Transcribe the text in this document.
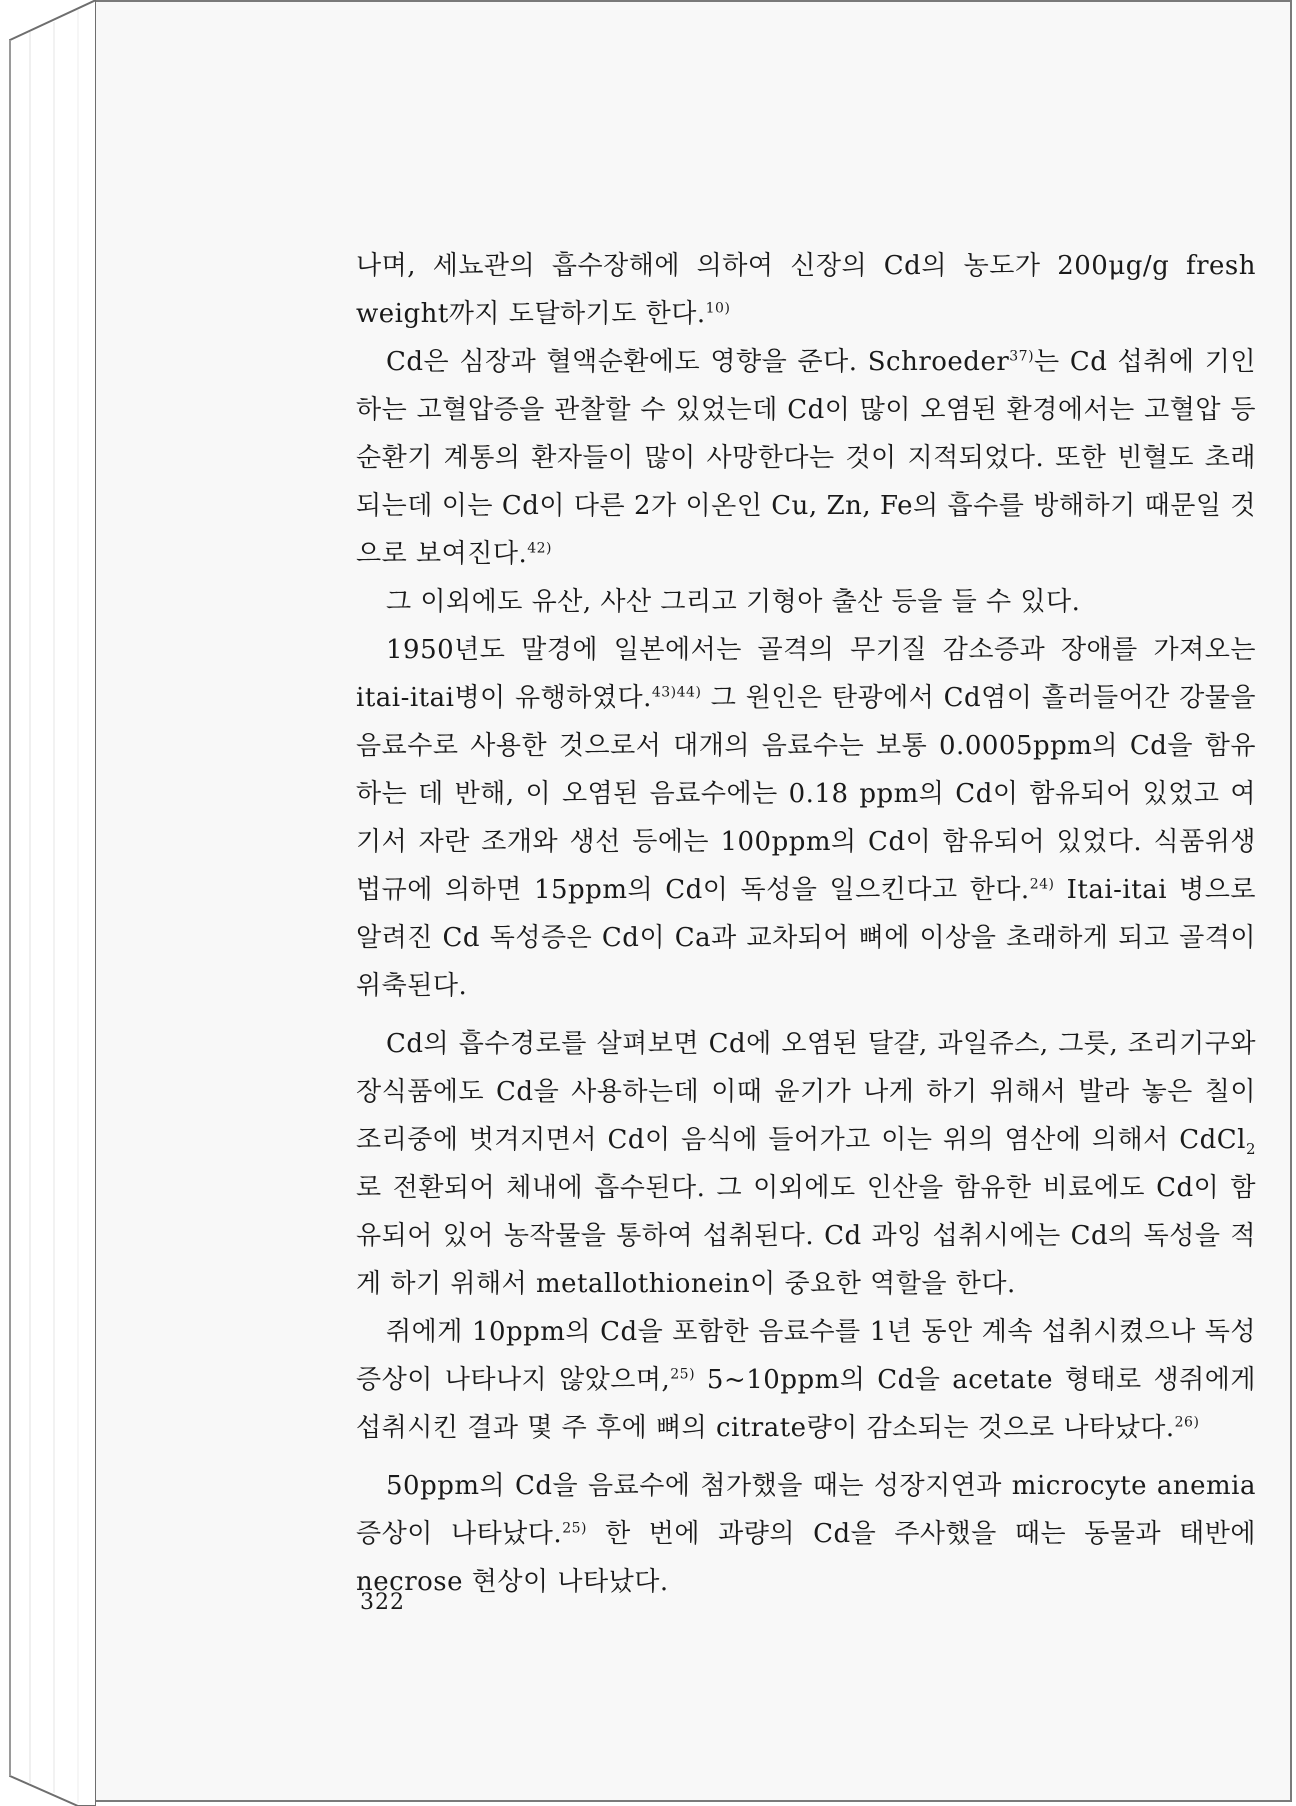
나며, 세뇨관의 흡수장해에 의하여 신장의 Cd의 농도가 200μg/g fresh weight까지 도달하기도 한다.$^{10)}$

Cd은 심장과 혈액순환에도 영향을 준다. Schroeder$^{37)}$는 Cd 섭취에 기인하는 고혈압증을 관찰할 수 있었는데 Cd이 많이 오염된 환경에서는 고혈압 등 순환기 계통의 환자들이 많이 사망한다는 것이 지적되었다. 또한 빈혈도 초래되는데 이는 Cd이 다른 2가 이온인 Cu, Zn, Fe의 흡수를 방해하기 때문일 것으로 보여진다.$^{42)}$

그 이외에도 유산, 사산 그리고 기형아 출산 등을 들 수 있다.

1950년도 말경에 일본에서는 골격의 무기질 감소증과 장애를 가져오는 itai-itai병이 유행하였다.$^{43)44)}$ 그 원인은 탄광에서 Cd염이 흘러들어간 강물을 음료수로 사용한 것으로서 대개의 음료수는 보통 0.0005ppm의 Cd을 함유하는 데 반해, 이 오염된 음료수에는 0.18 ppm의 Cd이 함유되어 있었고 여기서 자란 조개와 생선 등에는 100ppm의 Cd이 함유되어 있었다. 식품위생 법규에 의하면 15ppm의 Cd이 독성을 일으킨다고 한다.$^{24)}$ Itai-itai 병으로 알려진 Cd 독성증은 Cd이 Ca과 교차되어 뼈에 이상을 초래하게 되고 골격이 위축된다.

Cd의 흡수경로를 살펴보면 Cd에 오염된 달걀, 과일쥬스, 그릇, 조리기구와 장식품에도 Cd을 사용하는데 이때 윤기가 나게 하기 위해서 발라 놓은 칠이 조리중에 벗겨지면서 Cd이 음식에 들어가고 이는 위의 염산에 의해서 CdCl$_2$로 전환되어 체내에 흡수된다. 그 이외에도 인산을 함유한 비료에도 Cd이 함유되어 있어 농작물을 통하여 섭취된다. Cd 과잉 섭취시에는 Cd의 독성을 적게 하기 위해서 metallothionein이 중요한 역할을 한다.

쥐에게 10ppm의 Cd을 포함한 음료수를 1년 동안 계속 섭취시켰으나 독성증상이 나타나지 않았으며,$^{25)}$ 5~10ppm의 Cd을 acetate 형태로 생쥐에게 섭취시킨 결과 몇 주 후에 뼈의 citrate량이 감소되는 것으로 나타났다.$^{26)}$

50ppm의 Cd을 음료수에 첨가했을 때는 성장지연과 microcyte anemia 증상이 나타났다.$^{25)}$ 한 번에 과량의 Cd을 주사했을 때는 동물과 태반에 necrose 현상이 나타났다.

322
